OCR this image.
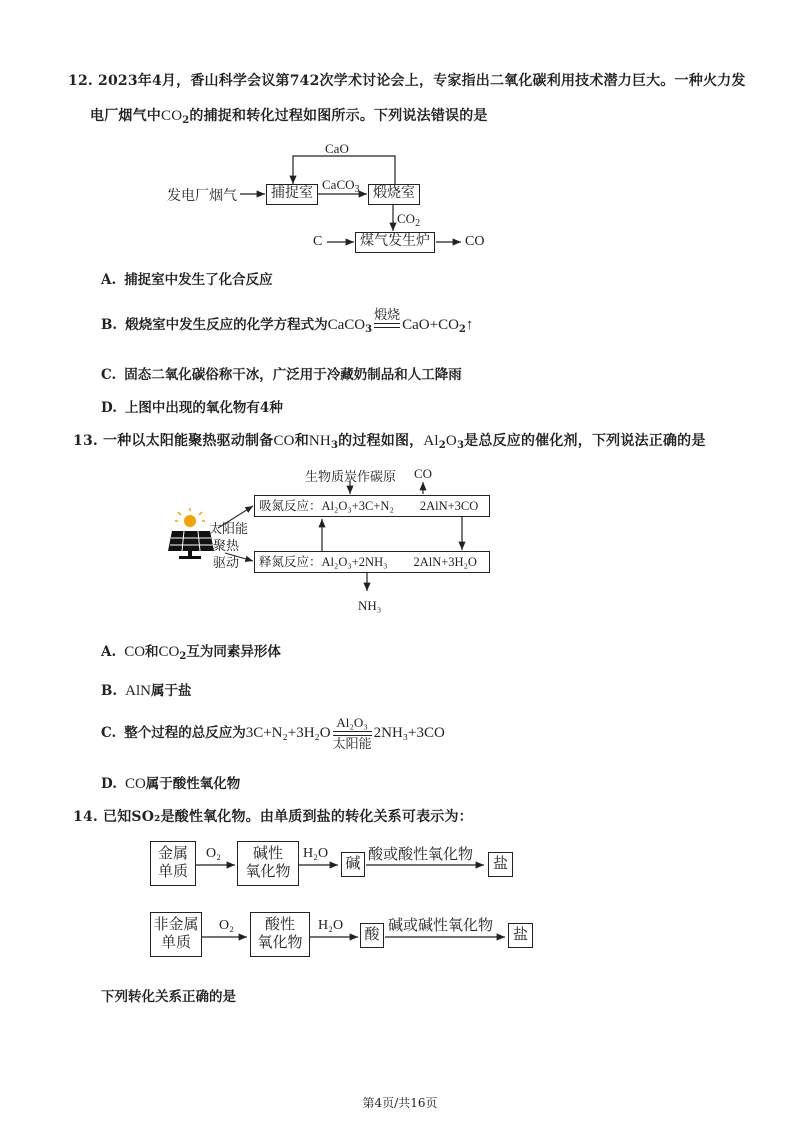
12. 2023年4月，香山科学会议第742次学术讨论会上，专家指出二氧化碳利用技术潜力巨大。一种火力发
电厂烟气中$CO_2$的捕捉和转化过程如图所示。下列说法错误的是
CaO
发电厂烟气	捕捉室
CaCO$_3$ 煅烧室
$CO_2$
C	煤气发生炉	CO
A. 捕捉室中发生了化合反应
B. 煅烧室中发生反应的化学方程式为CaCO$_3$
煅烧

$CaO+CO_2↑$
C. 固态二氧化碳俗称干冰，广泛用于冷藏奶制品和人工降雨
D. 上图中出现的氧化物有4种
13. 一种以太阳能聚热驱动制备CO和$NH_3$的过程如图，$Al_2O_3$是总反应的催化剂，下列说法正确的是
生物质炭作碳原 CO
吸氮反应：Al₂O₃+3C+N₂ 2AlN+3CO
太阳能
聚热
驱动 释氮反应：Al₂O₃+2NH₃ 2AlN+3H₂O
NH₃
A. CO和$CO_2$互为同素异形体
B. AlN属于盐
C. 整个过程的总反应为3C+N₂+3H₂O
Al₂O₃
太阳能
2NH₃+3CO
D. CO属于酸性氧化物
14. 已知SO₂是酸性氧化物。由单质到盐的转化关系可表示为：
金属
单质
O₂	碱性
氧化物
H₂O
碱
酸或酸性氧化物
盐
非金属
单质
O₂	酸性
氧化物
H₂O
酸
碱或碱性氧化物
盐
下列转化关系正确的是
第4页/共16页
